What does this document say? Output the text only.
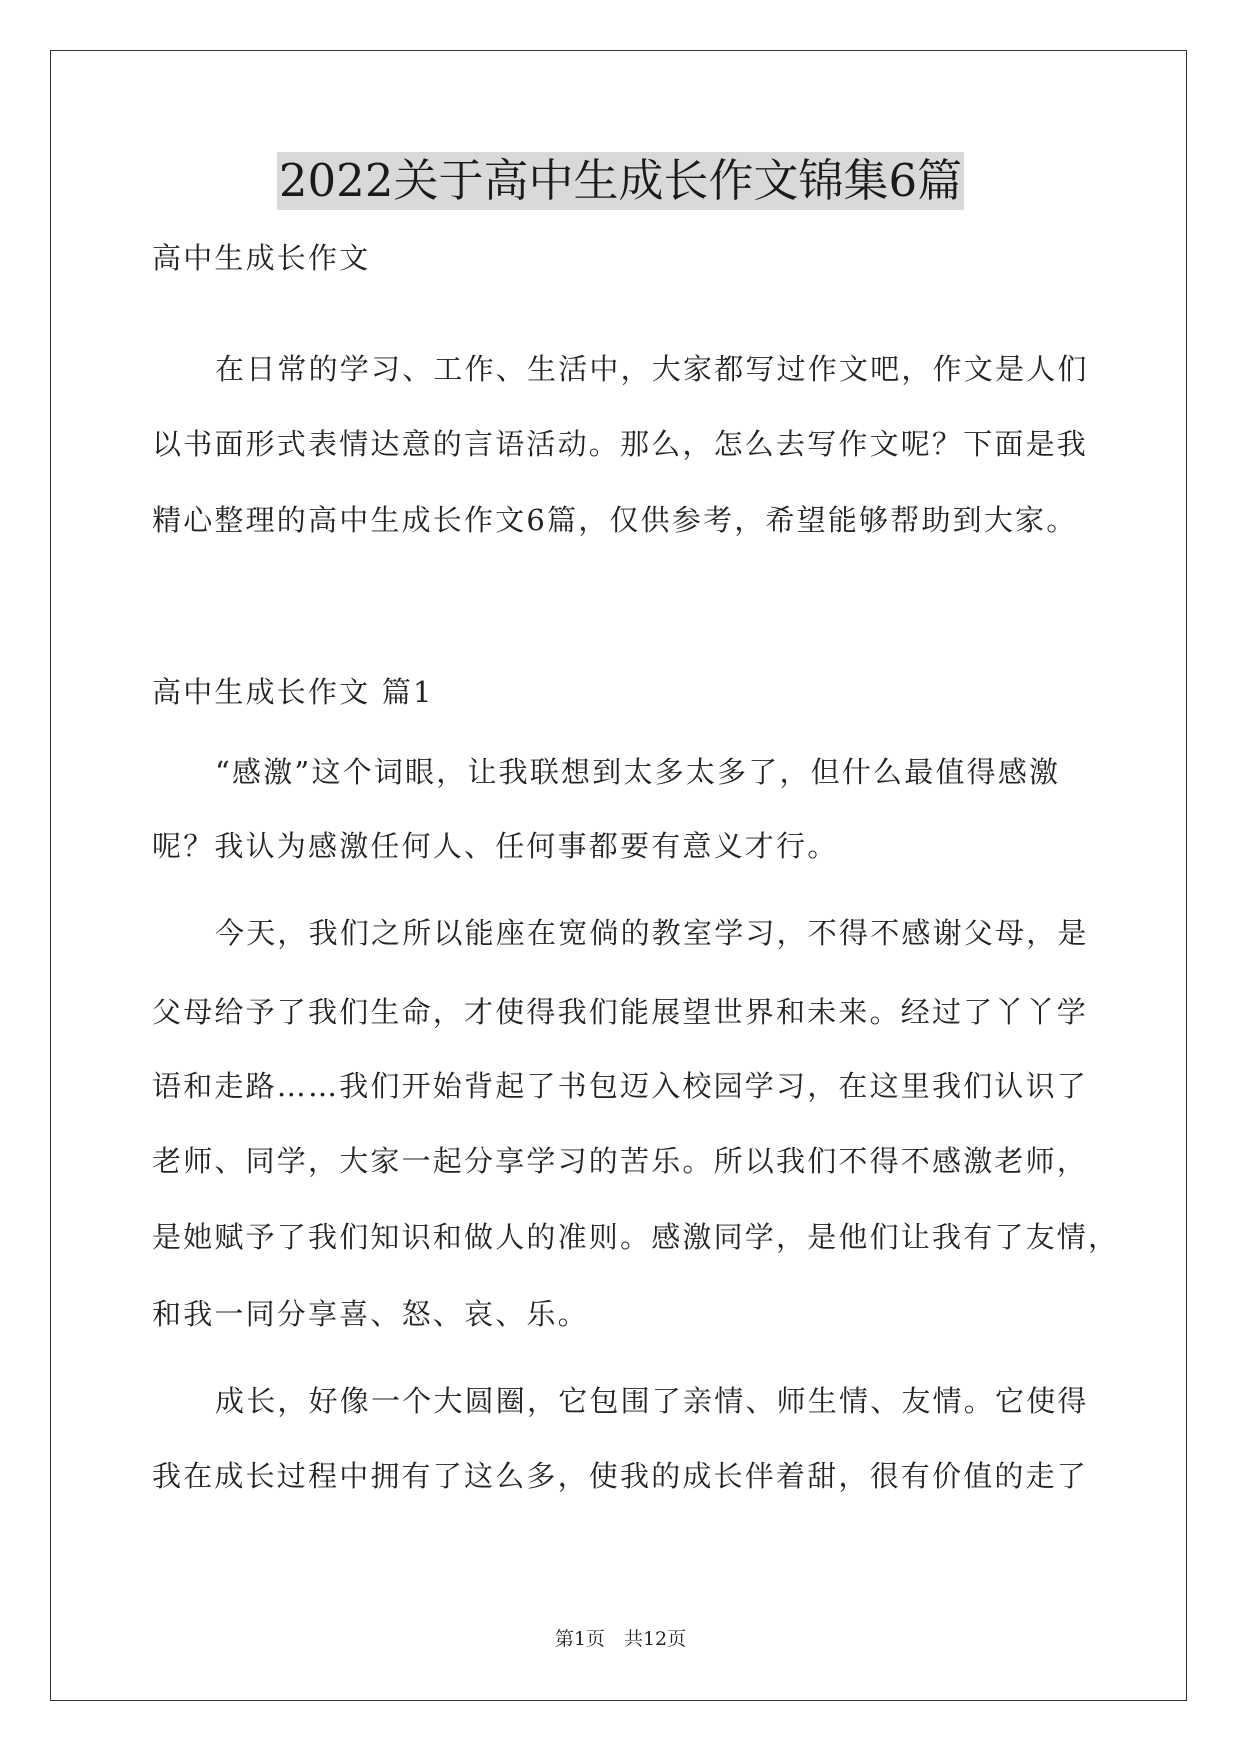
2022关于高中生成长作文锦集6篇
高中生成长作文
在日常的学习、工作、生活中，大家都写过作文吧，作文是人们
以书面形式表情达意的言语活动。那么，怎么去写作文呢？下面是我
精心整理的高中生成长作文6篇，仅供参考，希望能够帮助到大家。
高中生成长作文 篇1
“感激”这个词眼，让我联想到太多太多了，但什么最值得感激
呢？我认为感激任何人、任何事都要有意义才行。
今天，我们之所以能座在宽倘的教室学习，不得不感谢父母，是
父母给予了我们生命，才使得我们能展望世界和未来。经过了丫丫学
语和走路……我们开始背起了书包迈入校园学习，在这里我们认识了
老师、同学，大家一起分享学习的苦乐。所以我们不得不感激老师，
是她赋予了我们知识和做人的准则。感激同学，是他们让我有了友情，
和我一同分享喜、怒、哀、乐。
成长，好像一个大圆圈，它包围了亲情、师生情、友情。它使得
我在成长过程中拥有了这么多，使我的成长伴着甜，很有价值的走了
第1页　共12页
